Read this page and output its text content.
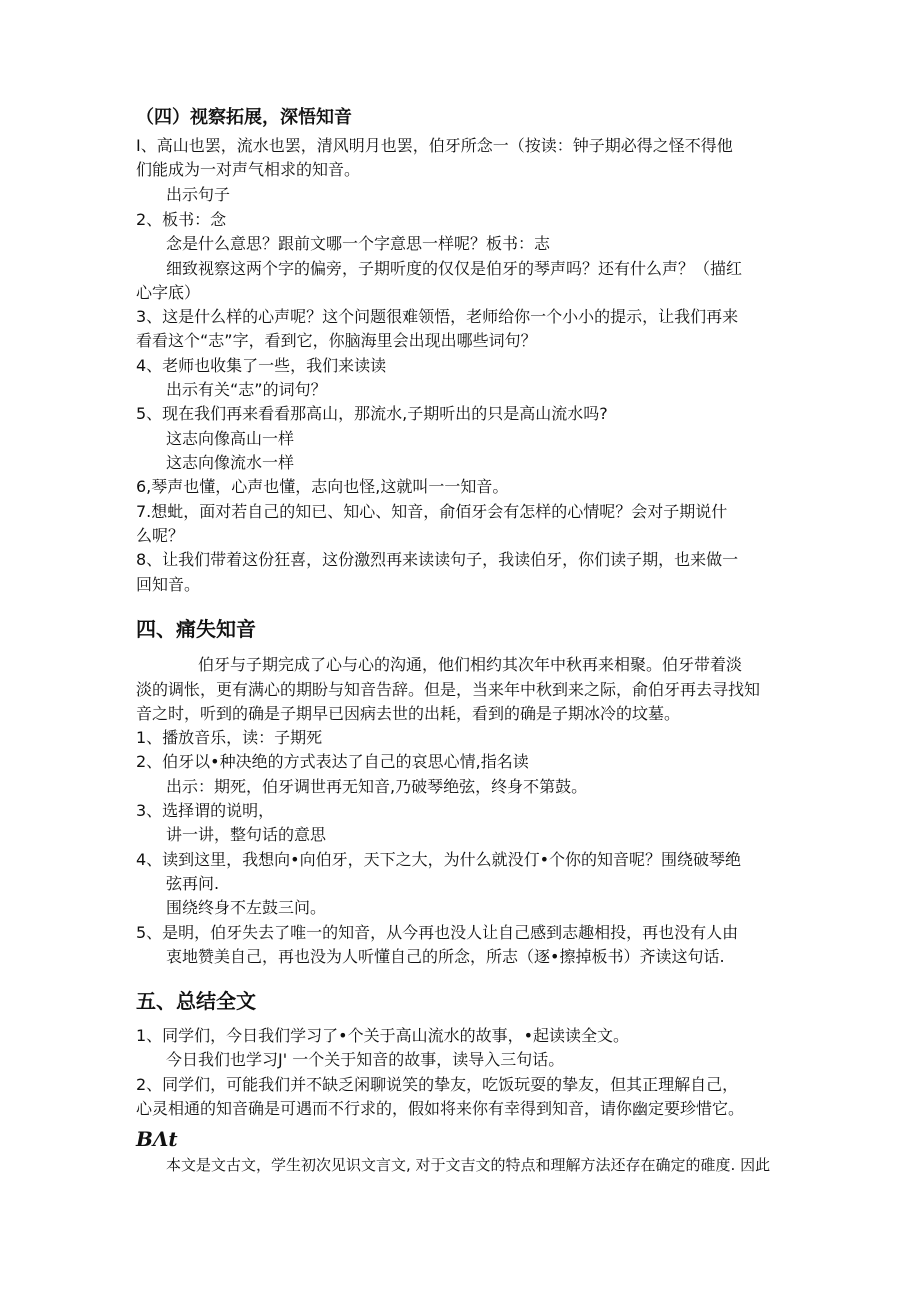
（四）视察拓展，深悟知音
I、高山也罢，流水也罢，清风明月也罢，伯牙所念一（按读：钟子期必得之怪不得他
们能成为一对声气相求的知音。
出示句子
2、板书：念
念是什么意思？跟前文哪一个字意思一样呢？板书：志
细致视察这两个字的偏旁，子期听度的仅仅是伯牙的琴声吗？还有什么声？（描红
心字底）
3、这是什么样的心声呢？这个问题很难领悟，老师给你一个小小的提示，让我们再来
看看这个“志”字，看到它，你脑海里会出现出哪些词句？
4、老师也收集了一些，我们来读读
出示有关“志”的词句？
5、现在我们再来看看那高山，那流水,子期听出的只是高山流水吗?
这志向像高山一样
这志向像流水一样
6,琴声也懂，心声也懂，志向也怪,这就叫一一知音。
7.想蚍，面对若自己的知已、知心、知音，俞佰牙会有怎样的心情呢？会对子期说什
么呢？
8、让我们带着这份狂喜，这份激烈再来读读句子，我读伯牙，你们读子期，也来做一
回知音。
四、痛失知音
伯牙与子期完成了心与心的沟通，他们相约其次年中秋再来相聚。伯牙带着淡
淡的调怅，更有满心的期盼与知音告辞。但是，当来年中秋到来之际，俞伯牙再去寻找知
音之时，听到的确是子期早已因病去世的出耗，看到的确是子期冰冷的坟墓。
1、播放音乐，读：子期死
2、伯牙以•种决绝的方式表达了自己的哀思心情,指名读
出示：期死，伯牙调世再无知音,乃破琴绝弦，终身不第鼓。
3、选择谓的说明，
讲一讲，整句话的意思
4、读到这里，我想向•向伯牙，天下之大，为什么就没仃•个你的知音呢？围绕破琴绝
弦再问.
围绕终身不左鼓三问。
5、是明，伯牙失去了唯一的知音，从今再也没人让自己感到志趣相投，再也没有人由
衷地赞美自己，再也没为人听懂自己的所念，所志（逐•擦掉板书）齐读这句话.
五、总结全文
1、同学们，今日我们学习了•个关于高山流水的故事，•起读读全文。
今日我们也学习J' 一个关于知音的故事，读导入三句话。
2、同学们，可能我们并不缺乏闲聊说笑的挚友，吃饭玩耍的挚友，但其正理解自己，
心灵相通的知音确是可遇而不行求的，假如将来你有幸得到知音，请你幽定要珍惜它。
BΛt
本文是文古文，学生初次见识文言文, 对于文吉文的特点和理解方法还存在确定的碓度. 因此
